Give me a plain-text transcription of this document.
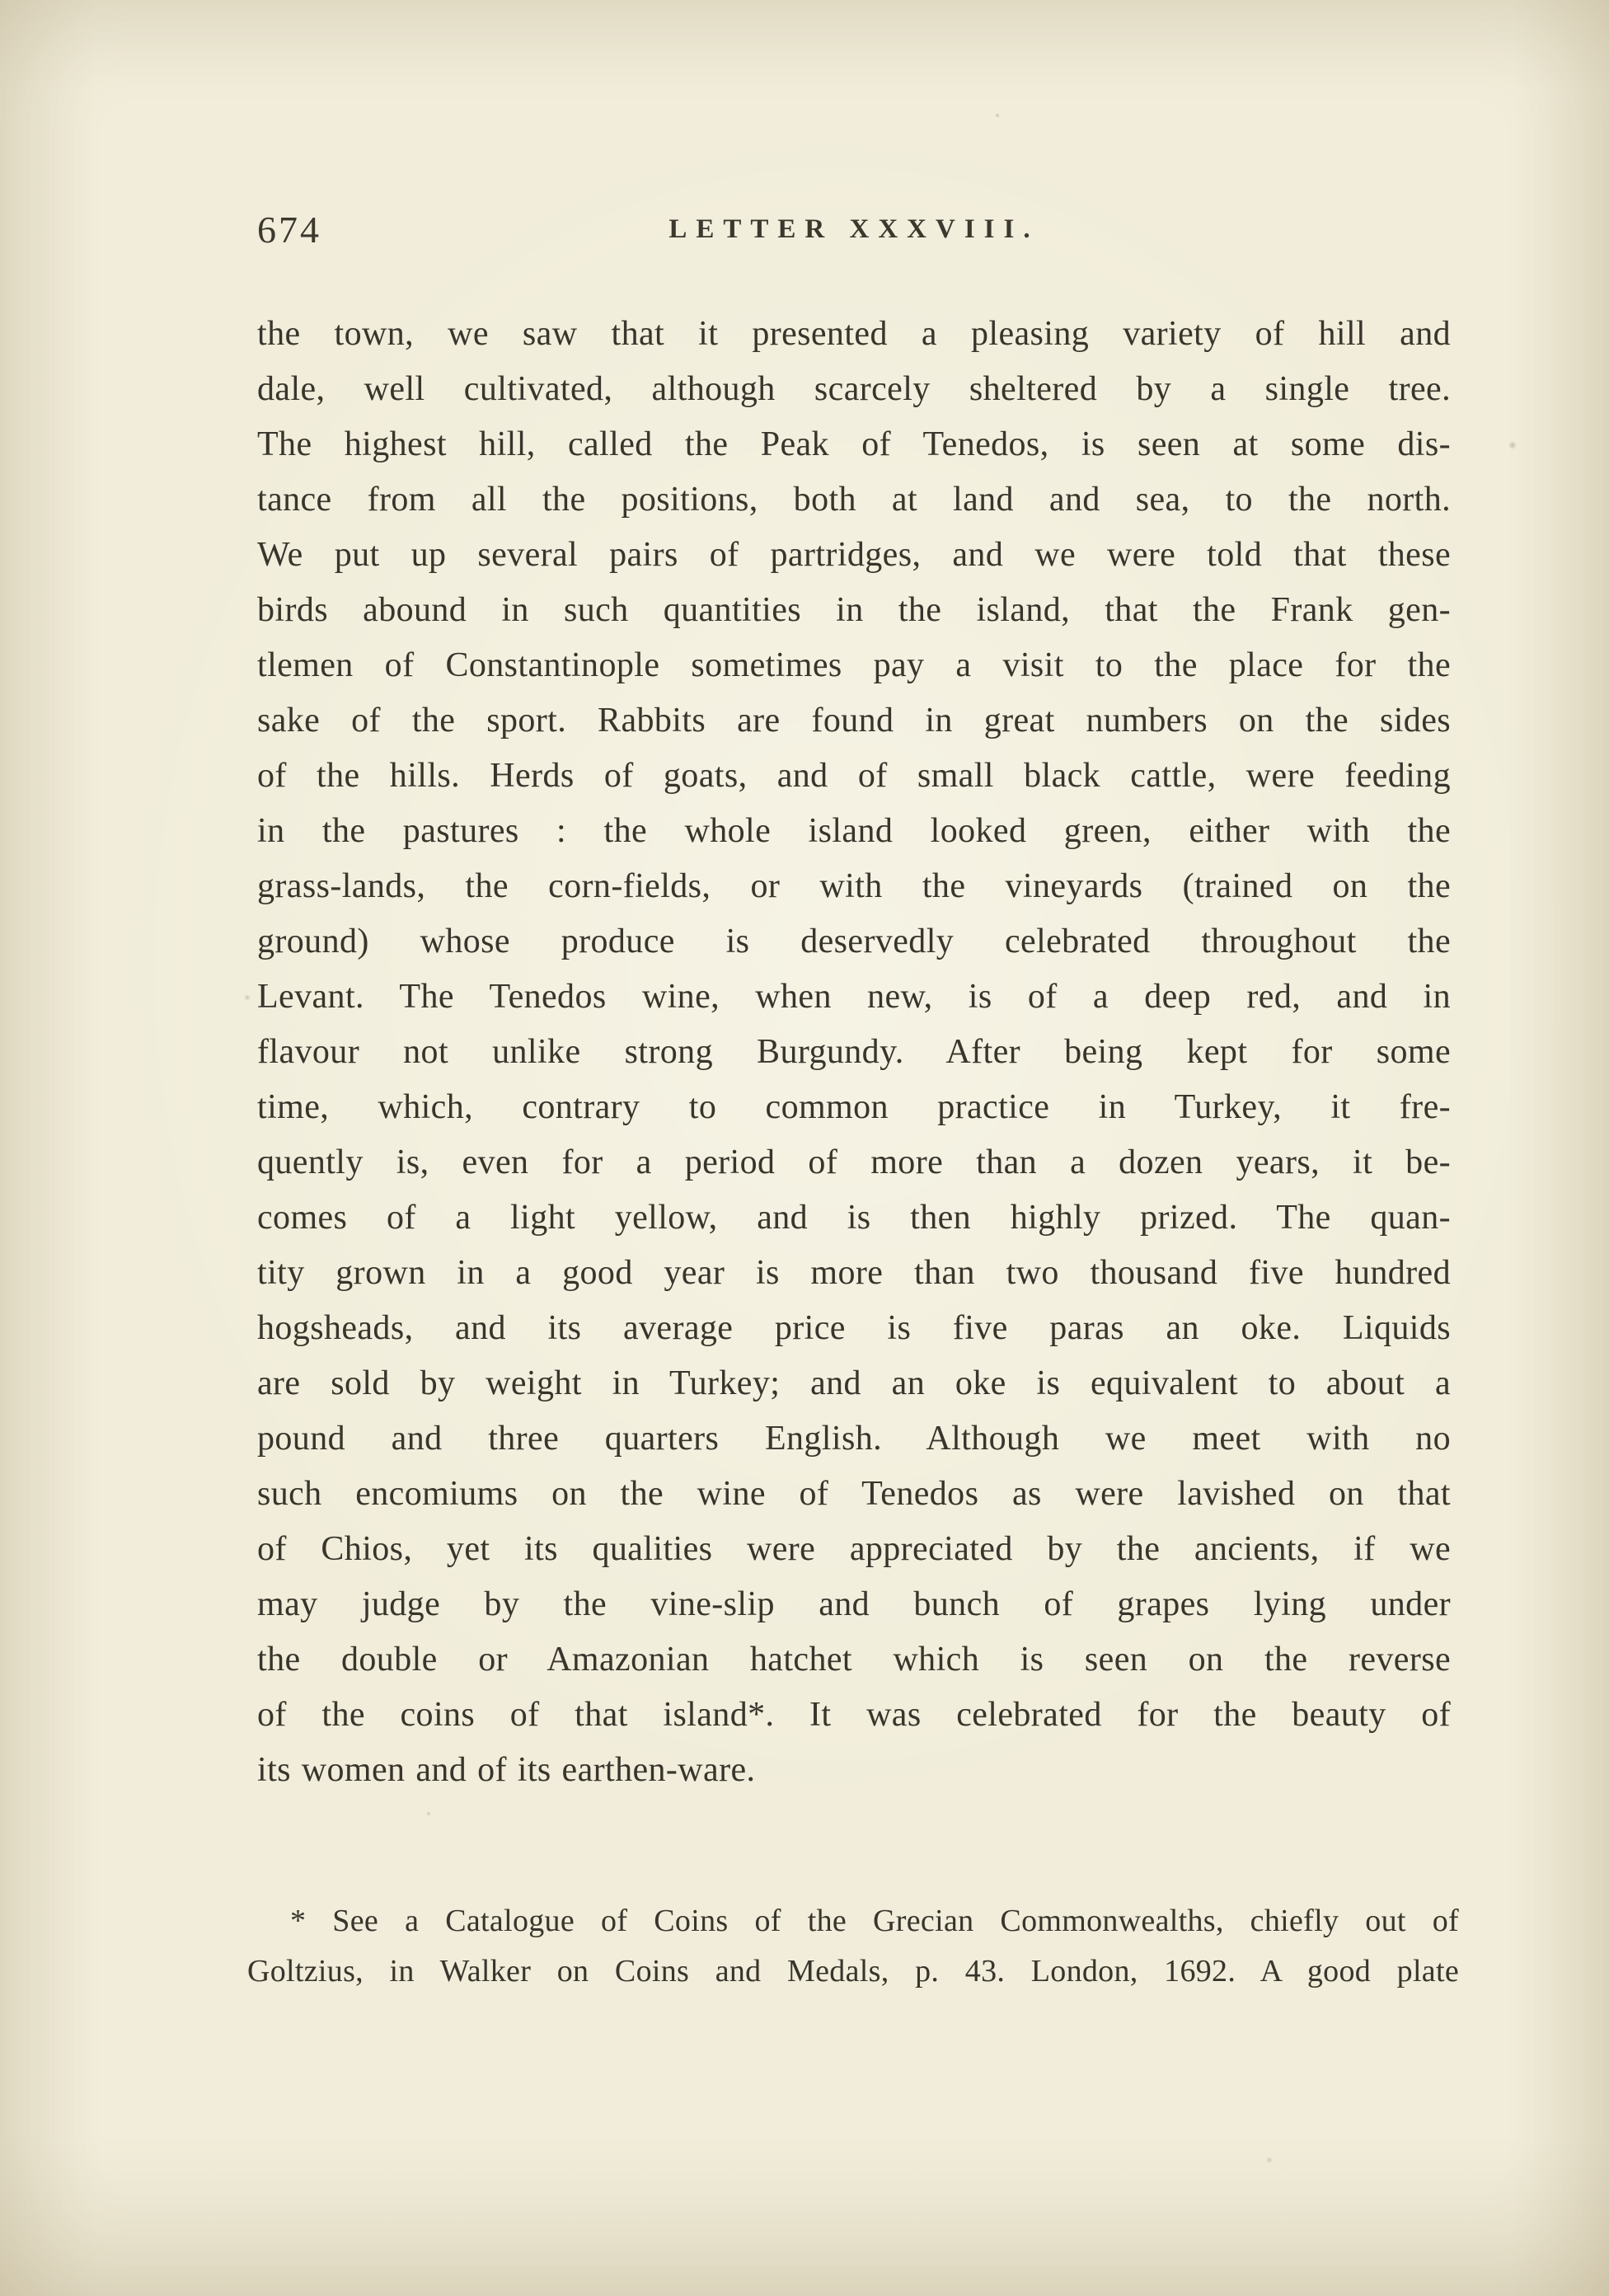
674	LETTER XXXVIII.
the town, we saw that it presented a pleasing variety of hill and
dale, well cultivated, although scarcely sheltered by a single tree.
The highest hill, called the Peak of Tenedos, is seen at some dis-
tance from all the positions, both at land and sea, to the north.
We put up several pairs of partridges, and we were told that these
birds abound in such quantities in the island, that the Frank gen-
tlemen of Constantinople sometimes pay a visit to the place for the
sake of the sport. Rabbits are found in great numbers on the sides
of the hills. Herds of goats, and of small black cattle, were feeding
in the pastures : the whole island looked green, either with the
grass-lands, the corn-fields, or with the vineyards (trained on the
ground) whose produce is deservedly celebrated throughout the
Levant. The Tenedos wine, when new, is of a deep red, and in
flavour not unlike strong Burgundy. After being kept for some
time, which, contrary to common practice in Turkey, it fre-
quently is, even for a period of more than a dozen years, it be-
comes of a light yellow, and is then highly prized. The quan-
tity grown in a good year is more than two thousand five hundred
hogsheads, and its average price is five paras an oke. Liquids
are sold by weight in Turkey; and an oke is equivalent to about a
pound and three quarters English. Although we meet with no
such encomiums on the wine of Tenedos as were lavished on that
of Chios, yet its qualities were appreciated by the ancients, if we
may judge by the vine-slip and bunch of grapes lying under
the double or Amazonian hatchet which is seen on the reverse
of the coins of that island*. It was celebrated for the beauty of
its women and of its earthen-ware.
* See a Catalogue of Coins of the Grecian Commonwealths, chiefly out of
Goltzius, in Walker on Coins and Medals, p. 43. London, 1692. A good plate
